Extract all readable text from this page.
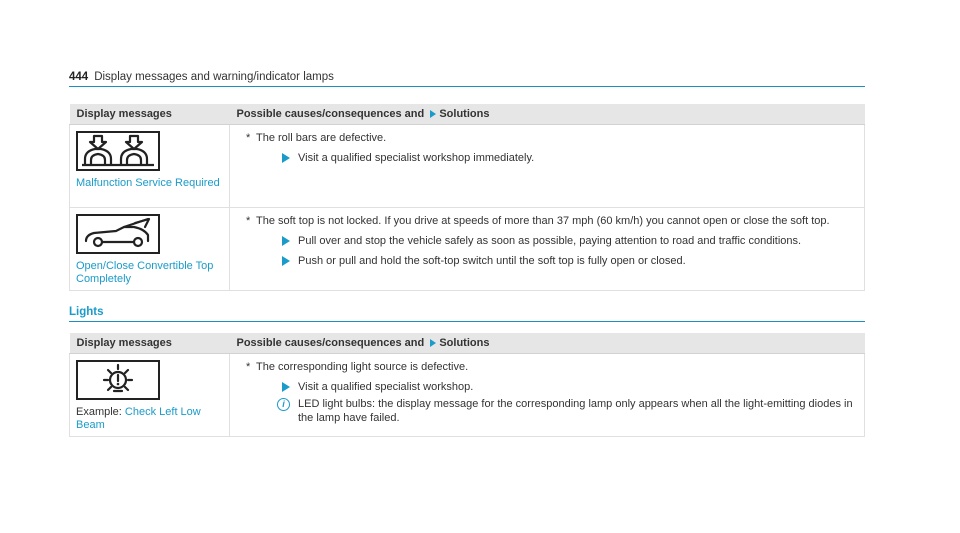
444 Display messages and warning/indicator lamps
Display messages	Possible causes/consequences and Solutions

Malfunction Service Required	* The roll bars are defective.
Visit a qualified specialist workshop immediately.

Open/Close Convertible Top Completely	* The soft top is not locked. If you drive at speeds of more than 37 mph (60 km/h) you cannot open or close the soft top.
Pull over and stop the vehicle safely as soon as possible, paying attention to road and traffic conditions.
Push or pull and hold the soft-top switch until the soft top is fully open or closed.
Lights
Display messages	Possible causes/consequences and Solutions

Example: Check Left Low Beam	* The corresponding light source is defective.
Visit a qualified specialist workshop.
i LED light bulbs: the display message for the corresponding lamp only appears when all the light-emitting diodes in the lamp have failed.
